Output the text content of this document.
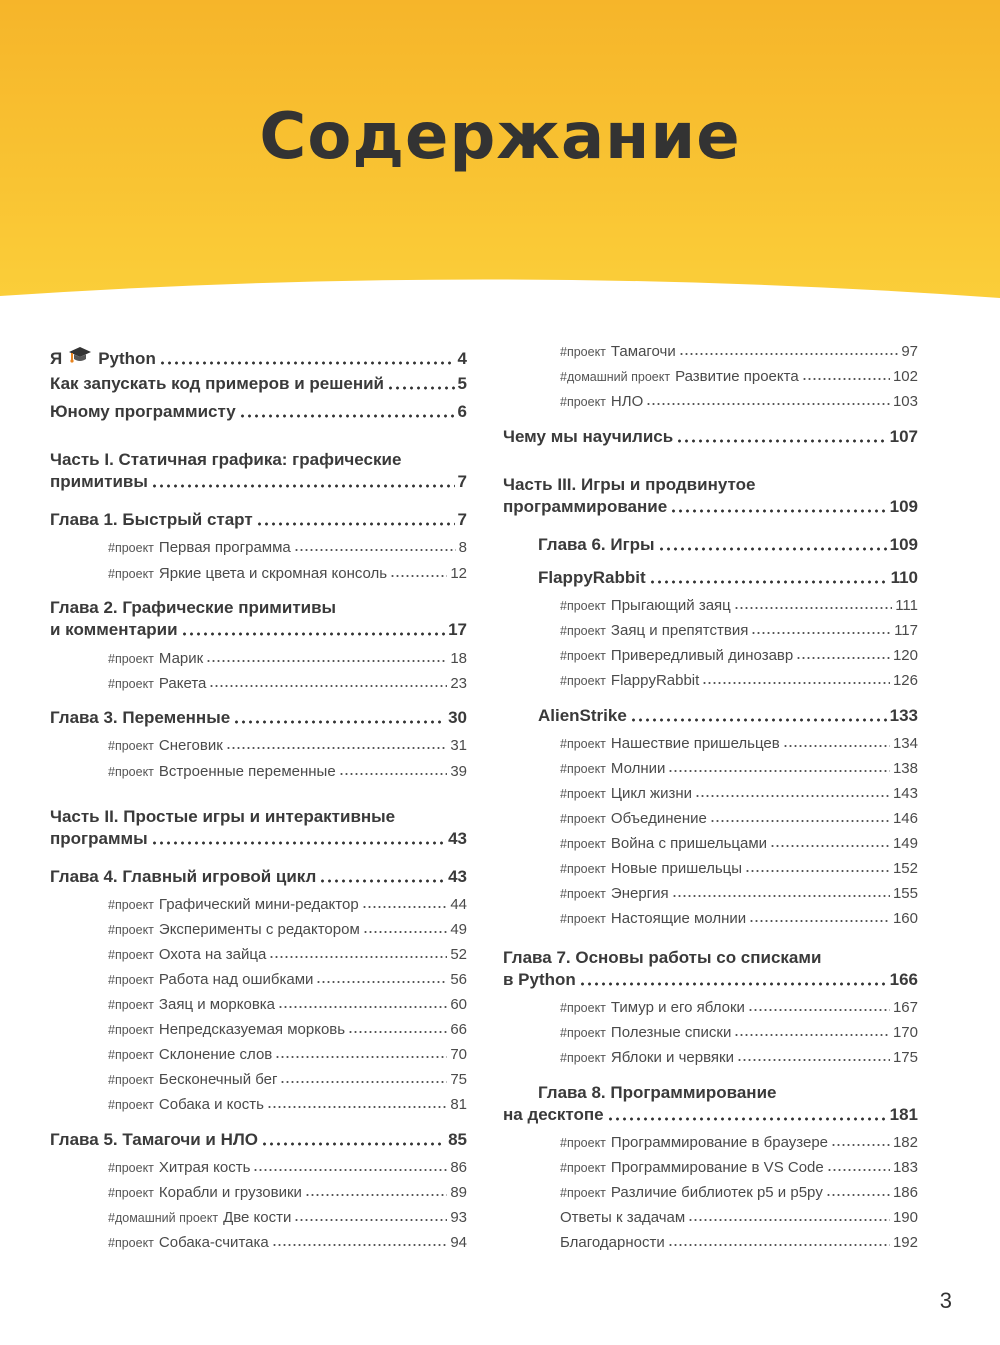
Содержание
Я Python	4
Как запускать код примеров и решений	5
Юному программисту	6
Часть I. Статичная графика: графические
примитивы	7
Глава 1. Быстрый старт	7
#проект Первая программа	8
#проект Яркие цвета и скромная консоль	12
Глава 2. Графические примитивы
и комментарии	17
#проект Марик	18
#проект Ракета	23
Глава 3. Переменные	30
#проект Снеговик	31
#проект Встроенные переменные	39
Часть II. Простые игры и интерактивные
программы	43
Глава 4. Главный игровой цикл	43
#проект Графический мини-редактор	44
#проект Эксперименты с редактором	49
#проект Охота на зайца	52
#проект Работа над ошибками	56
#проект Заяц и морковка	60
#проект Непредсказуемая морковь	66
#проект Склонение слов	70
#проект Бесконечный бег	75
#проект Собака и кость	81
Глава 5. Тамагочи и НЛО	85
#проект Хитрая кость	86
#проект Корабли и грузовики	89
#домашний проект Две кости	93
#проект Собака-считака	94
#проект Тамагочи	97
#домашний проект Развитие проекта	102
#проект НЛО	103
Чему мы научились	107
Часть III. Игры и продвинутое
программирование	109
Глава 6. Игры	109
FlappyRabbit	110
#проект Прыгающий заяц	111
#проект Заяц и препятствия	117
#проект Привередливый динозавр	120
#проект FlappyRabbit	126
AlienStrike	133
#проект Нашествие пришельцев	134
#проект Молнии	138
#проект Цикл жизни	143
#проект Объединение	146
#проект Война с пришельцами	149
#проект Новые пришельцы	152
#проект Энергия	155
#проект Настоящие молнии	160
Глава 7. Основы работы со списками
в Python	166
#проект Тимур и его яблоки	167
#проект Полезные списки	170
#проект Яблоки и червяки	175
Глава 8. Программирование
на десктопе	181
#проект Программирование в браузере	182
#проект Программирование в VS Code	183
#проект Различие библиотек p5 и p5py	186
Ответы к задачам	190
Благодарности	192
3
